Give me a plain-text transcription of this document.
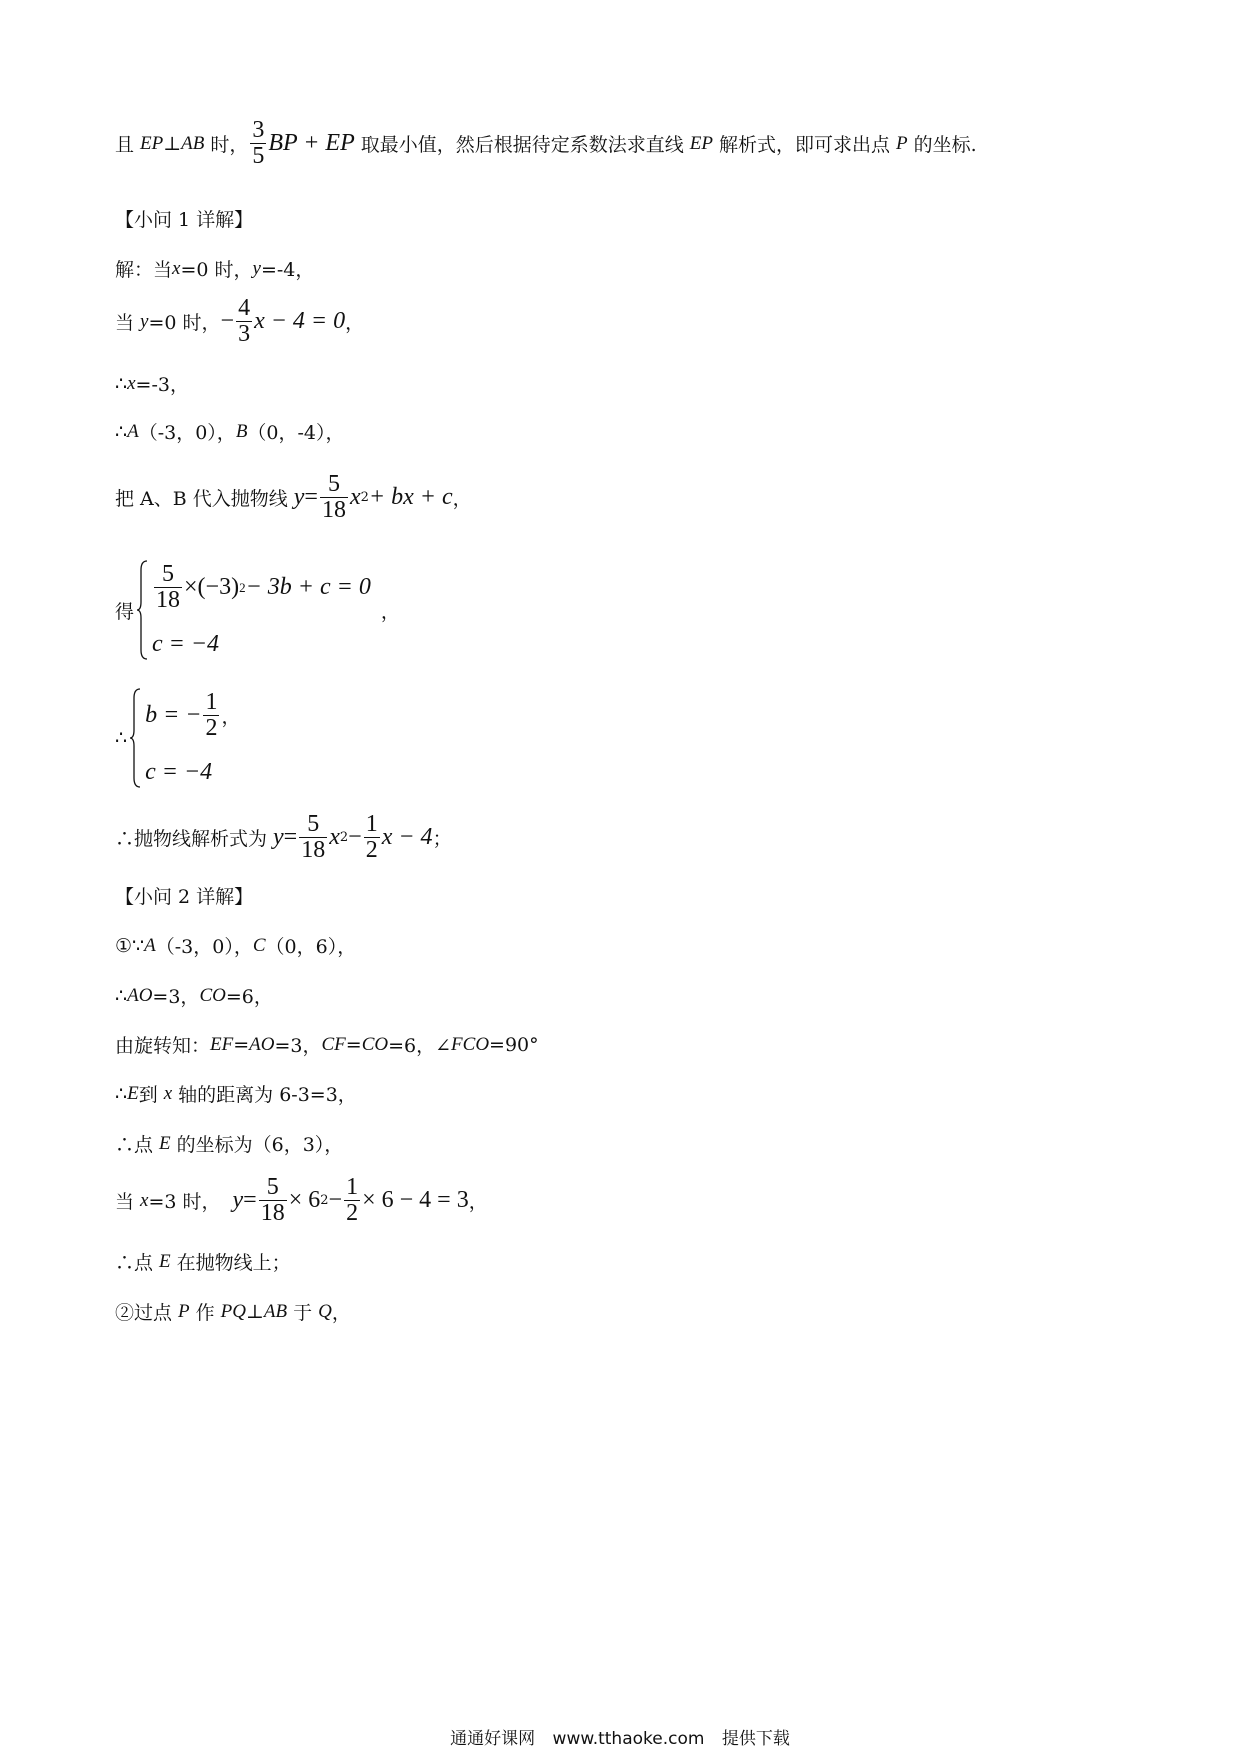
且 EP ⊥ AB 时， $\frac{3}{5}$ BP + EP 取最小值，然后根据待定系数法求直线 EP 解析式，即可求出点 P 的坐标.
【小问 1 详解】
解：当 x =0 时， y =-4，
当 y =0 时， − $\frac{4}{3}$ x − 4 = 0 ，
∴ x =-3，
∴ A （-3，0）， B （0，-4），
把 A、B 代入抛物线 $y = \frac{5}{18}$ x 2 + bx + c ，
得 $\frac{5}{18} \times(-3) 2 - 3b + c = 0$
c = −4
，
∴
b = − $\frac{1}{2}$ ，
c = −4
∴抛物线解析式为 $y = \frac{5}{18}$ x $2 - \frac{1}{2}$ x − 4 ；
【小问 2 详解】
①∵ A （-3，0）， C （0，6），
∴ AO =3， CO =6，
由旋转知： EF = AO =3， CF = CO =6，∠ FCO =90°
∴ E 到 x 轴的距离为 6-3=3，
∴点 E 的坐标为（6，3），
当 x =3 时， $y = \frac{5}{18} \times 6$ $2 - \frac{1}{2} \times 6 - 4 = 3$ ，
∴点 E 在抛物线上；
②过点 P 作 PQ ⊥ AB 于 Q ，
通通好课网 www.tthaoke.com 提供下载
